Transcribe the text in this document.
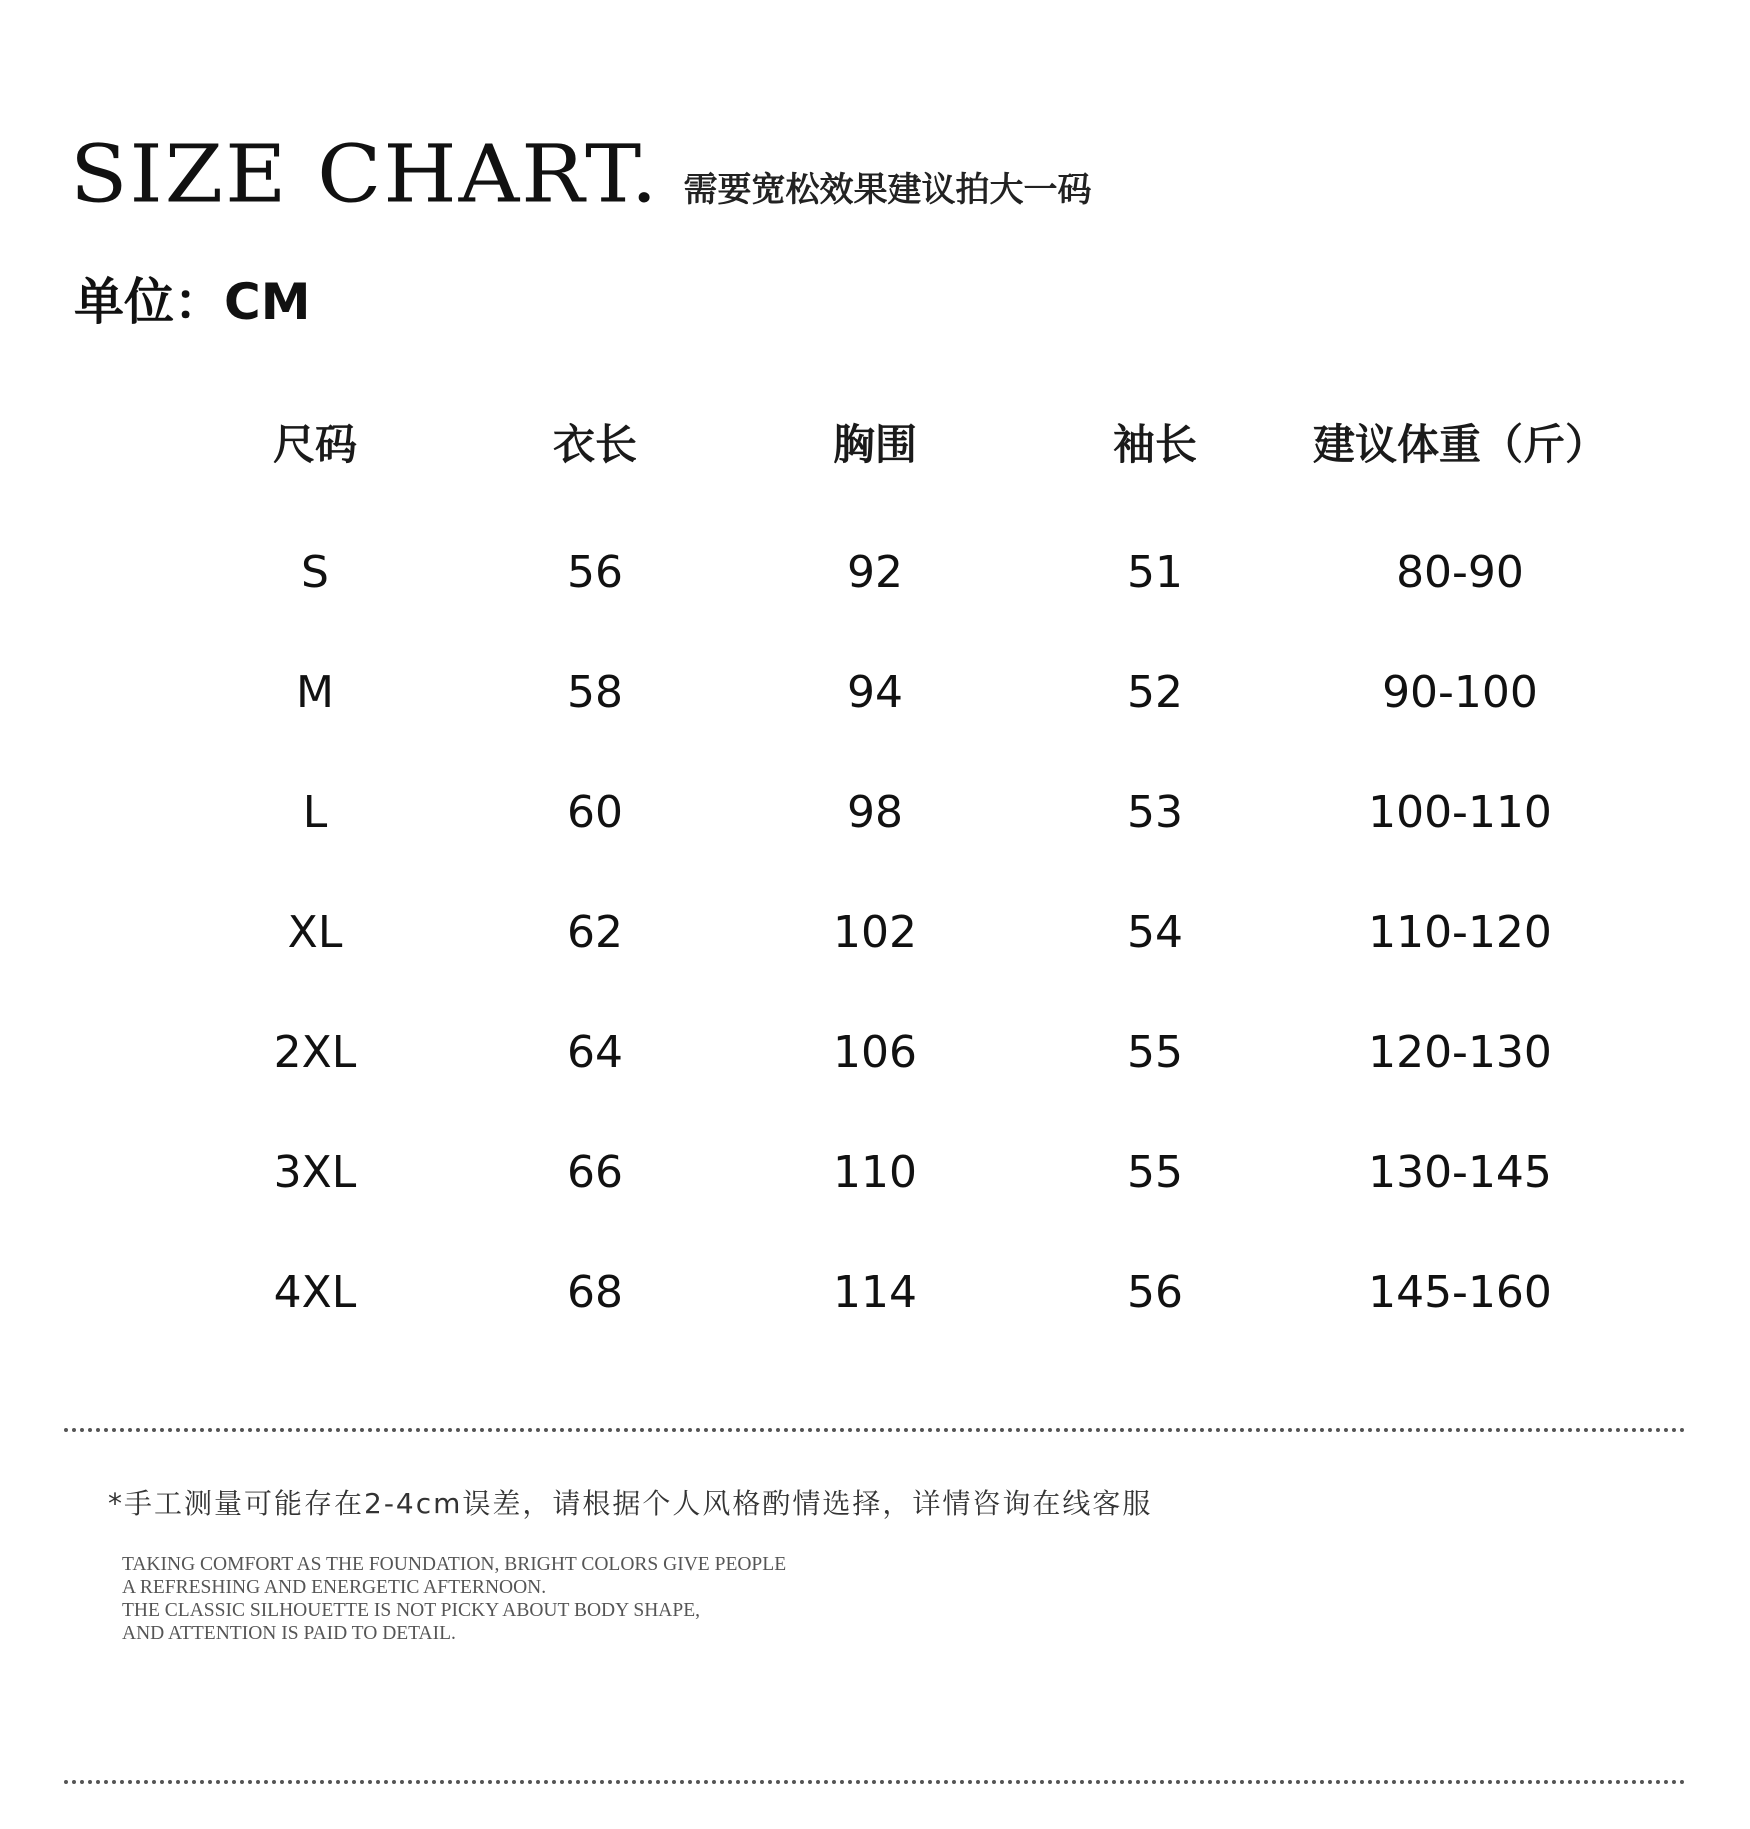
SIZE CHART. 需要宽松效果建议拍大一码
单位：CM
尺码	衣长	胸围	袖长	建议体重（斤）
S	56	92	51	80-90
M	58	94	52	90-100
L	60	98	53	100-110
XL	62	102	54	110-120
2XL	64	106	55	120-130
3XL	66	110	55	130-145
4XL	68	114	56	145-160
*手工测量可能存在2-4cm误差，请根据个人风格酌情选择，详情咨询在线客服
TAKING COMFORT AS THE FOUNDATION, BRIGHT COLORS GIVE PEOPLE
A REFRESHING AND ENERGETIC AFTERNOON.
THE CLASSIC SILHOUETTE IS NOT PICKY ABOUT BODY SHAPE,
AND ATTENTION IS PAID TO DETAIL.
